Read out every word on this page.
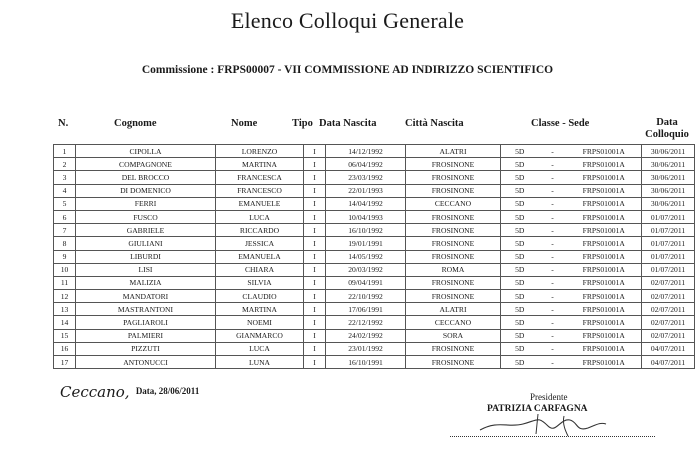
Elenco Colloqui Generale
Commissione : FRPS00007 - VII COMMISSIONE AD INDIRIZZO SCIENTIFICO
N.	Cognome	Nome	Tipo Data Nascita	Città Nascita	Classe - Sede	Data
Colloquio
1	CIPOLLA	LORENZO	I	14/12/1992	ALATRI	5D	-	FRPS01001A	30/06/2011
2	COMPAGNONE	MARTINA	I	06/04/1992	FROSINONE	5D	-	FRPS01001A	30/06/2011
3	DEL BROCCO	FRANCESCA	I	23/03/1992	FROSINONE	5D	-	FRPS01001A	30/06/2011
4	DI DOMENICO	FRANCESCO	I	22/01/1993	FROSINONE	5D	-	FRPS01001A	30/06/2011
5	FERRI	EMANUELE	I	14/04/1992	CECCANO	5D	-	FRPS01001A	30/06/2011
6	FUSCO	LUCA	I	10/04/1993	FROSINONE	5D	-	FRPS01001A	01/07/2011
7	GABRIELE	RICCARDO	I	16/10/1992	FROSINONE	5D	-	FRPS01001A	01/07/2011
8	GIULIANI	JESSICA	I	19/01/1991	FROSINONE	5D	-	FRPS01001A	01/07/2011
9	LIBURDI	EMANUELA	I	14/05/1992	FROSINONE	5D	-	FRPS01001A	01/07/2011
10	LISI	CHIARA	I	20/03/1992	ROMA	5D	-	FRPS01001A	01/07/2011
11	MALIZIA	SILVIA	I	09/04/1991	FROSINONE	5D	-	FRPS01001A	02/07/2011
12	MANDATORI	CLAUDIO	I	22/10/1992	FROSINONE	5D	-	FRPS01001A	02/07/2011
13	MASTRANTONI	MARTINA	I	17/06/1991	ALATRI	5D	-	FRPS01001A	02/07/2011
14	PAGLIAROLI	NOEMI	I	22/12/1992	CECCANO	5D	-	FRPS01001A	02/07/2011
15	PALMIERI	GIANMARCO	I	24/02/1992	SORA	5D	-	FRPS01001A	02/07/2011
16	PIZZUTI	LUCA	I	23/01/1992	FROSINONE	5D	-	FRPS01001A	04/07/2011
17	ANTONUCCI	LUNA	I	16/10/1991	FROSINONE	5D	-	FRPS01001A	04/07/2011
Ceccano, Data, 28/06/2011
Presidente
PATRIZIA CARFAGNA
